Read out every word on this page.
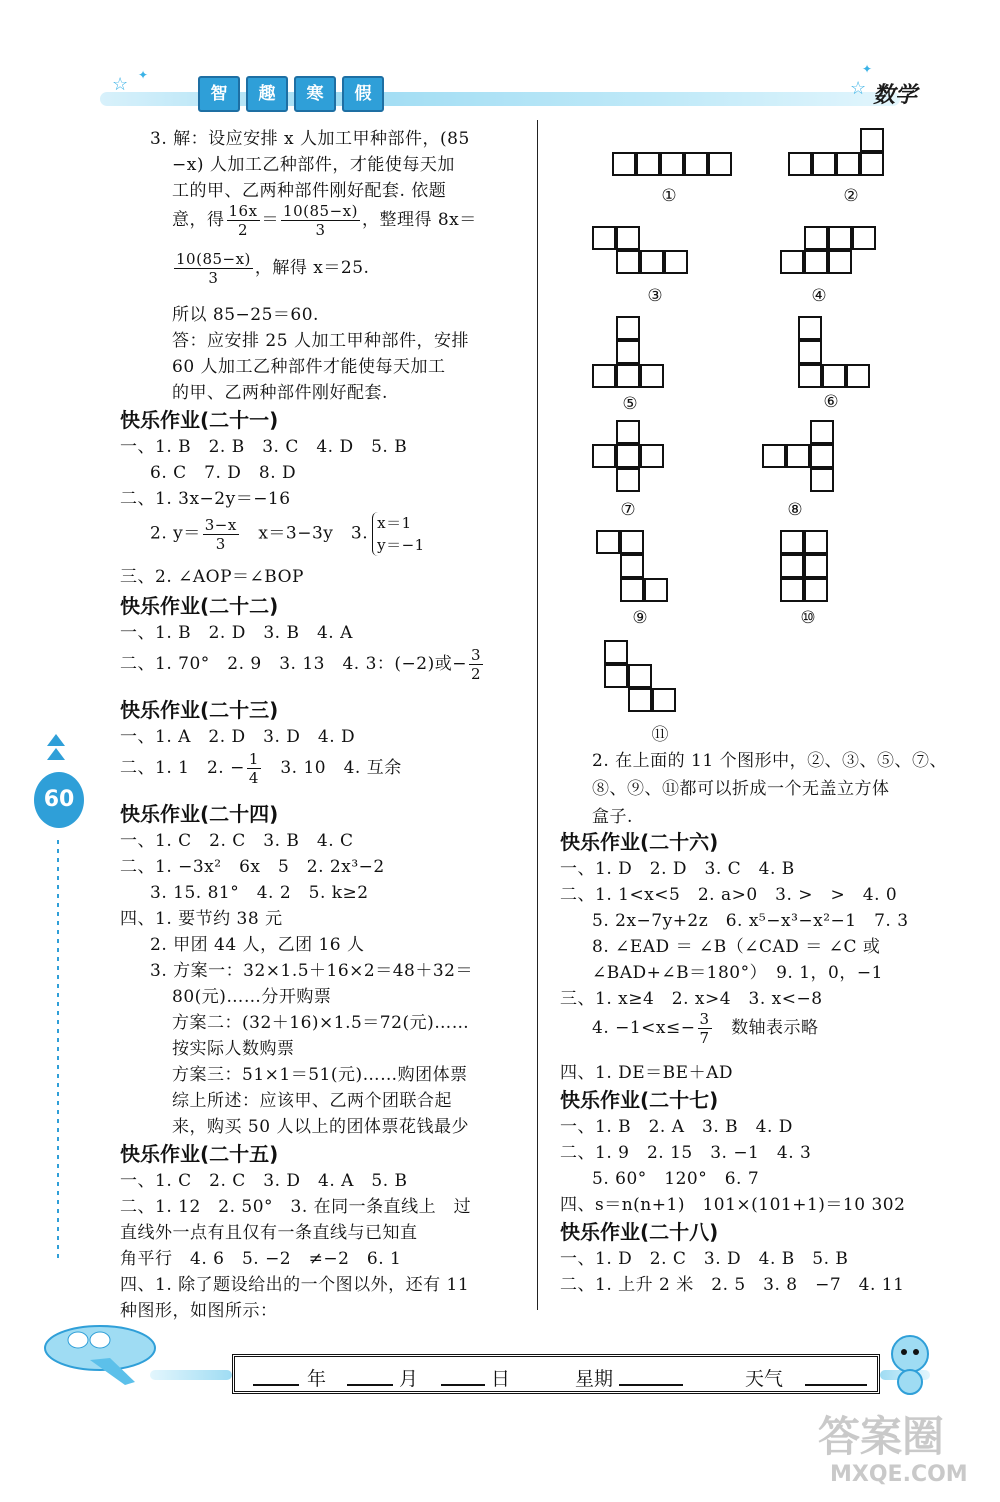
☆ ✦
智	趣	寒	假	☆
✦
数学
60
3. 解：设应安排 x 人加工甲种部件，(85
−x) 人加工乙种部件，才能使每天加
工的甲、乙两种部件刚好配套. 依题
意，得 $\frac{16x}{2} = \frac{10(85-x)}{3}$ ，整理得 8x＝
$\frac{10(85-x)}{3}$ ，解得 x＝25.
所以 85−25＝60.
答：应安排 25 人加工甲种部件，安排
60 人加工乙种部件才能使每天加工
的甲、乙两种部件刚好配套.
快乐作业(二十一)
一、1. B　2. B　3. C　4. D　5. B
6. C　7. D　8. D
二、1. 3x−2y＝−16
2. $y= \frac{3-x}{3}$
　 x＝3−3y　3.x＝1
y＝−1
三、2. ∠AOP＝∠BOP
快乐作业(二十二)
一、1. B　2. D　3. B　4. A
二、1. 70°　2. 9　3. 13　4. 3：(−2)或− $\frac{3}{2}$
快乐作业(二十三)
一、1. A　2. D　3. D　4. D
二、1. 1　2. − $\frac{1}{4}$
　 3. 10　4. 互余
快乐作业(二十四)
一、1. C　2. C　3. B　4. C
二、1. −3x²　6x　5　2. 2x³−2
3. 15. 81°　4. 2　5. k≥2
四、1. 要节约 38 元
2. 甲团 44 人，乙团 16 人
3. 方案一：32×1.5＋16×2＝48＋32＝
80(元)……分开购票
方案二：(32＋16)×1.5＝72(元)……
按实际人数购票
方案三：51×1＝51(元)……购团体票
综上所述：应该甲、乙两个团联合起
来，购买 50 人以上的团体票花钱最少
快乐作业(二十五)
一、1. C　2. C　3. D　4. A　5. B
二、1. 12　2. 50°　3. 在同一条直线上　过
直线外一点有且仅有一条直线与已知直
角平行　4. 6　5. −2　≠−2　6. 1
四、1. 除了题设给出的一个图以外，还有 11
种图形，如图所示：
①	②
③	④
⑤	⑥
⑦	⑧
⑨	⑩
⑪
2. 在上面的 11 个图形中，②、③、⑤、⑦、
⑧、⑨、⑪都可以折成一个无盖立方体
盒子.
快乐作业(二十六)
一、1. D　2. D　3. C　4. B
二、1. 1<x<5　2. a>0　3. >　>　4. 0
5. 2x−7y+2z　6. x⁵−x³−x²−1　7. 3
8. ∠EAD ＝ ∠B（∠CAD ＝ ∠C 或
∠BAD+∠B＝180°）　9. 1，0，−1
三、1. x≥4　2. x>4　3. x<−8
4. $-1<x\le- \frac{3}{7}$
　 数轴表示略
四、1. DE＝BE＋AD
快乐作业(二十七)
一、1. B　2. A　3. B　4. D
二、1. 9　2. 15　3. −1　4. 3
5. 60°　120°　6. 7
四、s＝n(n+1)　101×(101+1)＝10 302
快乐作业(二十八)
一、1. D　2. C　3. D　4. B　5. B
二、1. 上升 2 米　2. 5　3. 8　−7　4. 11
年	月	日	星期	天气
答案圈
MXQE.COM
